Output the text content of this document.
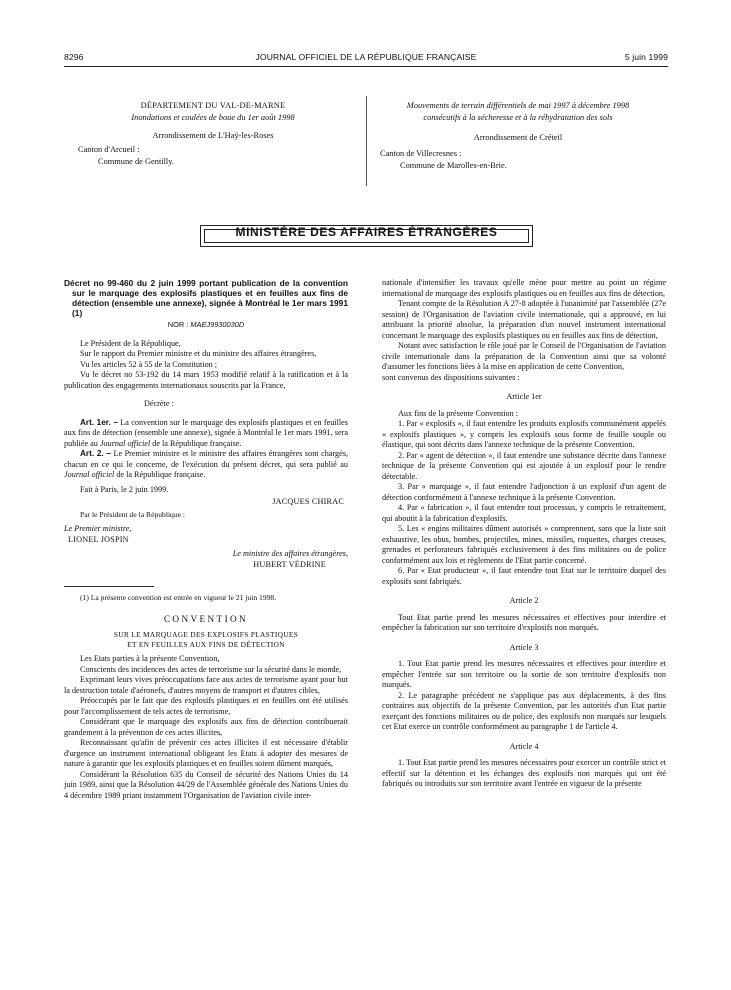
8296	JOURNAL OFFICIEL DE LA RÉPUBLIQUE FRANÇAISE	5 juin 1999
DÉPARTEMENT DU VAL-DE-MARNE
Inondations et coulées de boue du 1er août 1998
Arrondissement de L'Haÿ-les-Roses
Canton d'Arcueil :
Commune de Gentilly.
Mouvements de terrain différentiels de mai 1997 à décembre 1998
consécutifs à la sécheresse et à la réhydratation des sols
Arrondissement de Créteil
Canton de Villecresnes :
Commune de Marolles-en-Brie.
MINISTÈRE DES AFFAIRES ÉTRANGÈRES

Décret no 99-460 du 2 juin 1999 portant publication de la convention sur le marquage des explosifs plastiques et en feuilles aux fins de détection (ensemble une annexe), signée à Montréal le 1er mars 1991 (1)

NOR : MAEJ9930030D

Le Président de la République,

Sur le rapport du Premier ministre et du ministre des affaires étrangères,

Vu les articles 52 à 55 de la Constitution ;

Vu le décret no 53-192 du 14 mars 1953 modifié relatif à la ratification et à la publication des engagements internationaux souscrits par la France,

Décrète :

Art. 1er. – La convention sur le marquage des explosifs plastiques et en feuilles aux fins de détection (ensemble une annexe), signée à Montréal le 1er mars 1991, sera publiée au Journal officiel de la République française.

Art. 2. – Le Premier ministre et le ministre des affaires étrangères sont chargés, chacun en ce qui le concerne, de l'exécution du présent décret, qui sera publié au Journal officiel de la République française.

Fait à Paris, le 2 juin 1999.

JACQUES CHIRAC

Par le Président de la République :

Le Premier ministre,

LIONEL JOSPIN

Le ministre des affaires étrangères,

HUBERT VÉDRINE

(1) La présente convention est entrée en vigueur le 21 juin 1998.

CONVENTION

SUR LE MARQUAGE DES EXPLOSIFS PLASTIQUES
ET EN FEUILLES AUX FINS DE DÉTECTION

Les Etats parties à la présente Convention,

Conscients des incidences des actes de terrorisme sur la sécurité dans le monde,

Exprimant leurs vives préoccupations face aux actes de terrorisme ayant pour but la destruction totale d'aéronefs, d'autres moyens de transport et d'autres cibles,

Préoccupés par le fait que des explosifs plastiques et en feuilles ont été utilisés pour l'accomplissement de tels actes de terrorisme,

Considérant que le marquage des explosifs aux fins de détection contribuerait grandement à la prévention de ces actes illicites,

Reconnaissant qu'afin de prévenir ces actes illicites il est nécessaire d'établir d'urgence un instrument international obligeant les Etats à adopter des mesures de nature à garantir que les explosifs plastiques et en feuilles soient dûment marqués,

Considérant la Résolution 635 du Conseil de sécurité des Nations Unies du 14 juin 1989, ainsi que la Résolution 44/29 de l'Assemblée générale des Nations Unies du 4 décembre 1989 priant instamment l'Organisation de l'aviation civile inter-

nationale d'intensifier les travaux qu'elle mène pour mettre au point un régime international de marquage des explosifs plastiques ou en feuilles aux fins de détection,

Tenant compte de la Résolution A 27-8 adoptée à l'unanimité par l'assemblée (27e session) de l'Organisation de l'aviation civile internationale, qui a approuvé, en lui attribuant la priorité absolue, la préparation d'un nouvel instrument international concernant le marquage des explosifs plastiques ou en feuilles aux fins de détection,

Notant avec satisfaction le rôle joué par le Conseil de l'Organisation de l'aviation civile internationale dans la préparation de la Convention ainsi que sa volonté d'assumer les fonctions liées à la mise en application de cette Convention,

sont convenus des dispositions suivantes :

Article 1er

Aux fins de la présente Convention :

1. Par « explosifs », il faut entendre les produits explosifs communément appelés « explosifs plastiques », y compris les explosifs sous forme de feuille souple ou élastique, qui sont décrits dans l'annexe technique de la présente Convention.

2. Par « agent de détection », il faut entendre une substance décrite dans l'annexe technique de la présente Convention qui est ajoutée à un explosif pour le rendre détectable.

3. Par « marquage », il faut entendre l'adjonction à un explosif d'un agent de détection conformément à l'annexe technique à la présente Convention.

4. Par « fabrication », il faut entendre tout processus, y compris le retraitement, qui aboutit à la fabrication d'explosifs.

5. Les « engins militaires dûment autorisés » comprennent, sans que la liste soit exhaustive, les obus, bombes, projectiles, mines, missiles, roquettes, charges creuses, grenades et perforateurs fabriqués exclusivement à des fins militaires ou de police conformément aux lois et règlements de l'Etat partie concerné.

6. Par « Etat producteur », il faut entendre tout Etat sur le territoire duquel des explosifs sont fabriqués.

Article 2

Tout Etat partie prend les mesures nécessaires et effectives pour interdire et empêcher la fabrication sur son territoire d'explosifs non marqués.

Article 3

1. Tout Etat partie prend les mesures nécessaires et effectives pour interdire et empêcher l'entrée sur son territoire ou la sortie de son territoire d'explosifs non marqués.

2. Le paragraphe précédent ne s'applique pas aux déplacements, à des fins contraires aux objectifs de la présente Convention, par les autorités d'un Etat partie exerçant des fonctions militaires ou de police, des explosifs non marqués sur lesquels cet Etat exerce un contrôle conformément au paragraphe 1 de l'article 4.

Article 4

1. Tout Etat partie prend les mesures nécessaires pour exercer un contrôle strict et effectif sur la détention et les échanges des explosifs non marqués qui ont été fabriqués ou introduits sur son territoire avant l'entrée en vigueur de la présente
